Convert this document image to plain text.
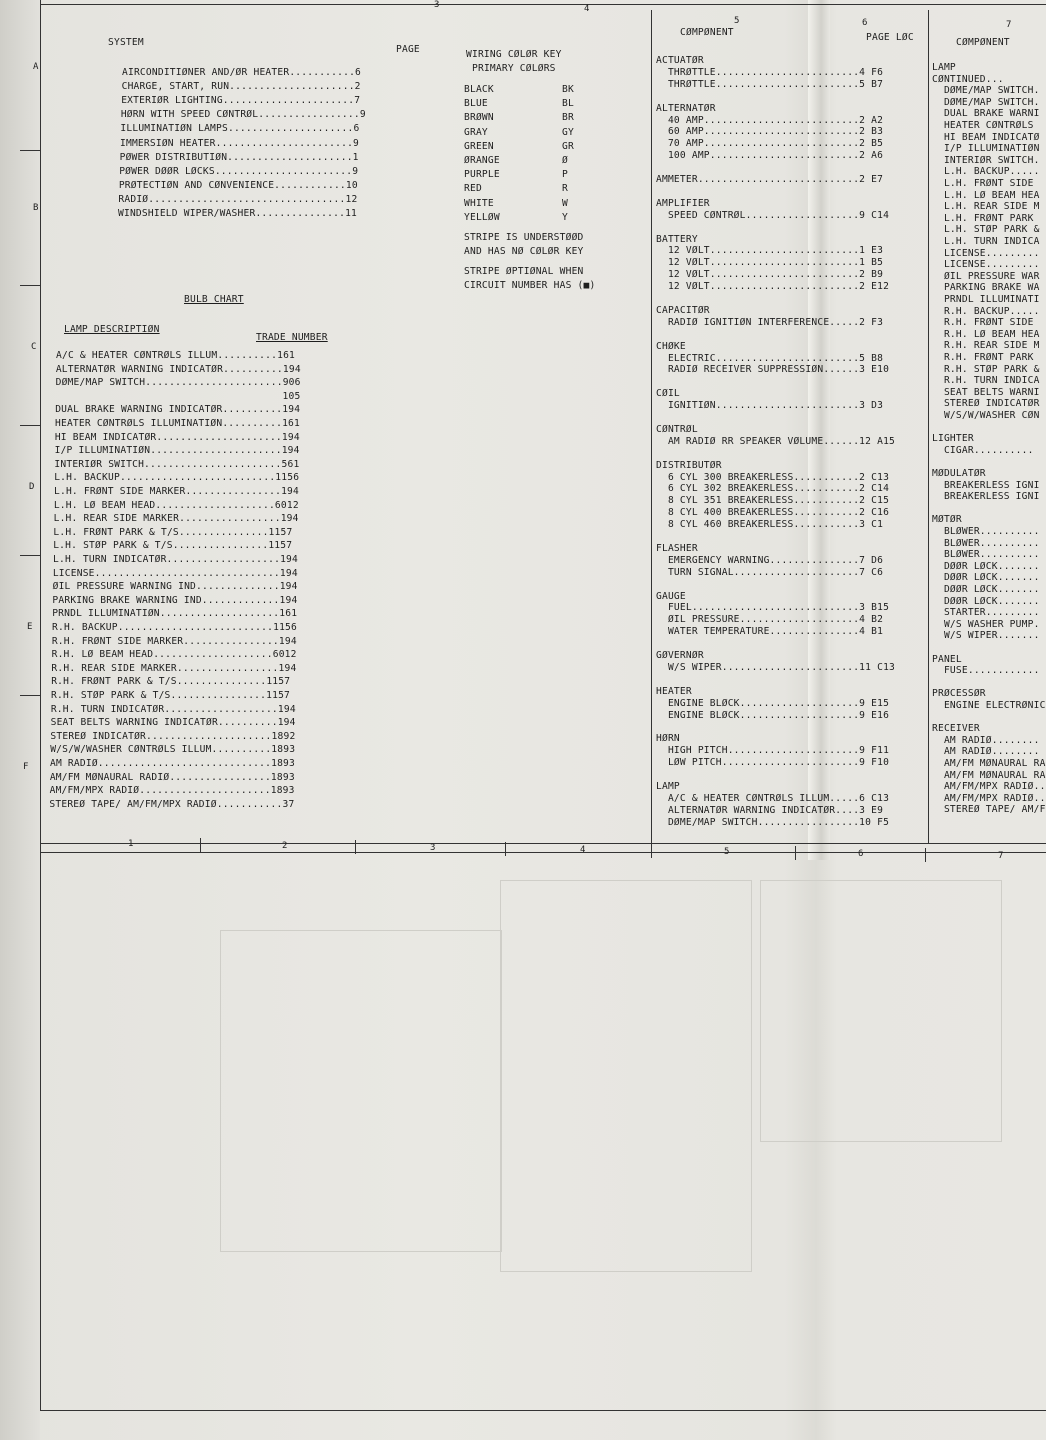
3	4
5	6	7
1	2	3	4	5	6	7
A
B
C
D
E
F
SYSTEM
PAGE
AIRCONDITIØNER AND/ØR HEATER...........6
CHARGE, START, RUN.....................2
EXTERIØR LIGHTING......................7
HØRN WITH SPEED CØNTRØL.................9
ILLUMINATIØN LAMPS.....................6
IMMERSIØN HEATER.......................9
PØWER DISTRIBUTIØN.....................1
PØWER DØØR LØCKS.......................9
PRØTECTIØN AND CØNVENIENCE............10
RADIØ.................................12
WINDSHIELD WIPER/WASHER...............11
WIRING CØLØR KEY
PRIMARY CØLØRS
BLACK	BK
BLUE	BL
BRØWN	BR
GRAY	GY
GREEN	GR
ØRANGE	Ø
PURPLE	P
RED	R
WHITE	W
YELLØW	Y
STRIPE IS UNDERSTØØD
AND HAS NØ CØLØR KEY
STRIPE ØPTIØNAL WHEN
CIRCUIT NUMBER HAS (■)
BULB CHART
LAMP DESCRIPTIØN
TRADE NUMBER
A/C & HEATER CØNTRØLS ILLUM..........161
ALTERNATØR WARNING INDICATØR..........194
DØME/MAP SWITCH.......................906
105
DUAL BRAKE WARNING INDICATØR..........194
HEATER CØNTRØLS ILLUMINATIØN..........161
HI BEAM INDICATØR.....................194
I/P ILLUMINATIØN......................194
INTERIØR SWITCH.......................561
L.H. BACKUP..........................1156
L.H. FRØNT SIDE MARKER................194
L.H. LØ BEAM HEAD....................6012
L.H. REAR SIDE MARKER.................194
L.H. FRØNT PARK & T/S...............1157
L.H. STØP PARK & T/S................1157
L.H. TURN INDICATØR...................194
LICENSE...............................194
ØIL PRESSURE WARNING IND..............194
PARKING BRAKE WARNING IND.............194
PRNDL ILLUMINATIØN....................161
R.H. BACKUP..........................1156
R.H. FRØNT SIDE MARKER................194
R.H. LØ BEAM HEAD....................6012
R.H. REAR SIDE MARKER.................194
R.H. FRØNT PARK & T/S...............1157
R.H. STØP PARK & T/S................1157
R.H. TURN INDICATØR...................194
SEAT BELTS WARNING INDICATØR..........194
STEREØ INDICATØR.....................1892
W/S/W/WASHER CØNTRØLS ILLUM..........1893
AM RADIØ.............................1893
AM/FM MØNAURAL RADIØ.................1893
AM/FM/MPX RADIØ......................1893
STEREØ TAPE/ AM/FM/MPX RADIØ...........37
CØMPØNENT	PAGE LØC
ACTUATØR
THRØTTLE........................4 F6
THRØTTLE........................5 B7
ALTERNATØR
40 AMP..........................2 A2
60 AMP..........................2 B3
70 AMP..........................2 B5
100 AMP.........................2 A6
AMMETER...........................2 E7
AMPLIFIER
SPEED CØNTRØL...................9 C14
BATTERY
12 VØLT.........................1 E3
12 VØLT.........................1 B5
12 VØLT.........................2 B9
12 VØLT.........................2 E12
CAPACITØR
RADIØ IGNITIØN INTERFERENCE.....2 F3
CHØKE
ELECTRIC........................5 B8
RADIØ RECEIVER SUPPRESSIØN......3 E10
CØIL
IGNITIØN........................3 D3
CØNTRØL
AM RADIØ RR SPEAKER VØLUME......12 A15
DISTRIBUTØR
6 CYL 300 BREAKERLESS...........2 C13
6 CYL 302 BREAKERLESS...........2 C14
8 CYL 351 BREAKERLESS...........2 C15
8 CYL 400 BREAKERLESS...........2 C16
8 CYL 460 BREAKERLESS...........3 C1
FLASHER
EMERGENCY WARNING...............7 D6
TURN SIGNAL.....................7 C6
GAUGE
FUEL............................3 B15
ØIL PRESSURE....................4 B2
WATER TEMPERATURE...............4 B1
GØVERNØR
W/S WIPER.......................11 C13
HEATER
ENGINE BLØCK....................9 E15
ENGINE BLØCK....................9 E16
HØRN
HIGH PITCH......................9 F11
LØW PITCH.......................9 F10
LAMP
A/C & HEATER CØNTRØLS ILLUM.....6 C13
ALTERNATØR WARNING INDICATØR....3 E9
DØME/MAP SWITCH.................10 F5
CØMPØNENT
LAMP
CØNTINUED...
DØME/MAP SWITCH.
DØME/MAP SWITCH.
DUAL BRAKE WARNI
HEATER CØNTRØLS
HI BEAM INDICATØ
I/P ILLUMINATIØN
INTERIØR SWITCH.
L.H. BACKUP.....
L.H. FRØNT SIDE
L.H. LØ BEAM HEA
L.H. REAR SIDE M
L.H. FRØNT PARK
L.H. STØP PARK &
L.H. TURN INDICA
LICENSE.........
LICENSE.........
ØIL PRESSURE WAR
PARKING BRAKE WA
PRNDL ILLUMINATI
R.H. BACKUP.....
R.H. FRØNT SIDE
R.H. LØ BEAM HEA
R.H. REAR SIDE M
R.H. FRØNT PARK
R.H. STØP PARK &
R.H. TURN INDICA
SEAT BELTS WARNI
STEREØ INDICATØR
W/S/W/WASHER CØN
LIGHTER
CIGAR..........
MØDULATØR
BREAKERLESS IGNI
BREAKERLESS IGNI
MØTØR
BLØWER..........
BLØWER..........
BLØWER..........
DØØR LØCK.......
DØØR LØCK.......
DØØR LØCK.......
DØØR LØCK.......
STARTER.........
W/S WASHER PUMP.
W/S WIPER.......
PANEL
FUSE............
PRØCESSØR
ENGINE ELECTRØNIC
RECEIVER
AM RADIØ........
AM RADIØ........
AM/FM MØNAURAL RA
AM/FM MØNAURAL RA
AM/FM/MPX RADIØ..
AM/FM/MPX RADIØ..
STEREØ TAPE/ AM/F
